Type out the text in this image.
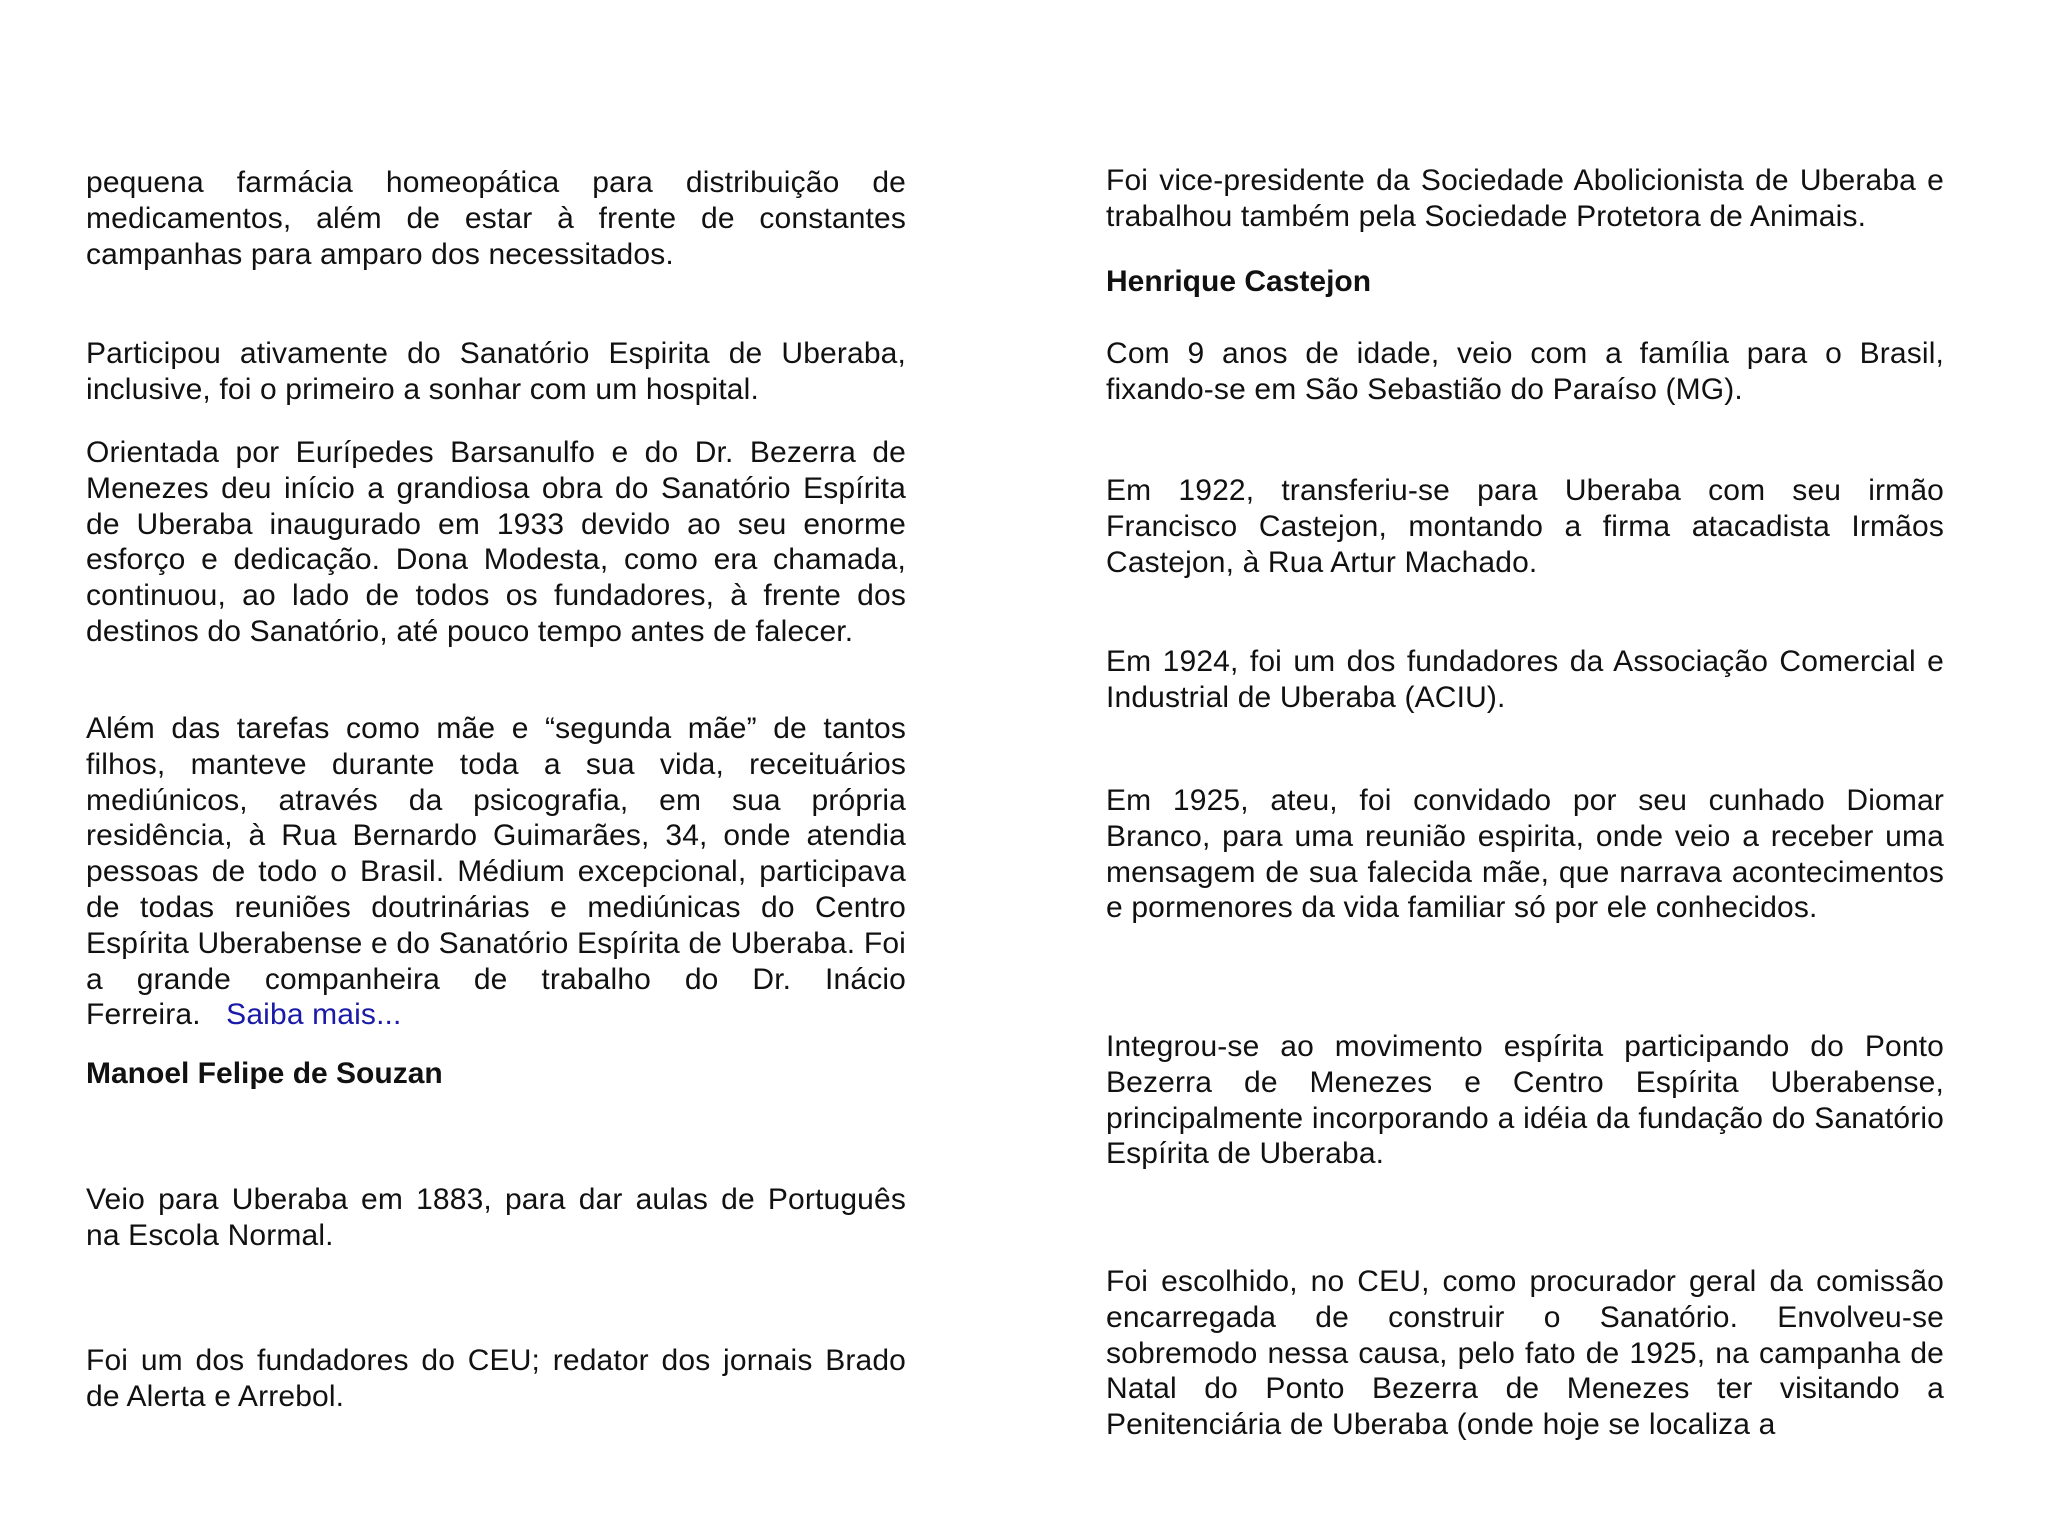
pequena farmácia homeopática para distribuição de medicamentos, além de estar à frente de constantes campanhas para amparo dos necessitados.

Participou ativamente do Sanatório Espirita de Uberaba, inclusive, foi o primeiro a sonhar com um hospital.

Orientada por Eurípedes Barsanulfo e do Dr. Bezerra de Menezes deu início a grandiosa obra do Sanatório Espírita de Uberaba inaugurado em 1933 devido ao seu enorme esforço e dedicação. Dona Modesta, como era chamada, continuou, ao lado de todos os fundadores, à frente dos destinos do Sanatório, até pouco tempo antes de falecer.

Além das tarefas como mãe e “segunda mãe” de tantos filhos, manteve durante toda a sua vida, receituários mediúnicos, através da psicografia, em sua própria residência, à Rua Bernardo Guimarães, 34, onde atendia pessoas de todo o Brasil. Médium excepcional, participava de todas reuniões doutrinárias e mediúnicas do Centro Espírita Uberabense e do Sanatório Espírita de Uberaba. Foi a grande companheira de trabalho do Dr. Inácio Ferreira. Saiba mais...

Manoel Felipe de Souzan

Veio para Uberaba em 1883, para dar aulas de Português na Escola Normal.

Foi um dos fundadores do CEU; redator dos jornais Brado de Alerta e Arrebol.

Foi vice-presidente da Sociedade Abolicionista de Uberaba e trabalhou também pela Sociedade Protetora de Animais.

Henrique Castejon

Com 9 anos de idade, veio com a família para o Brasil, fixando-se em São Sebastião do Paraíso (MG).

Em 1922, transferiu-se para Uberaba com seu irmão Francisco Castejon, montando a firma atacadista Irmãos Castejon, à Rua Artur Machado.

Em 1924, foi um dos fundadores da Associação Comercial e Industrial de Uberaba (ACIU).

Em 1925, ateu, foi convidado por seu cunhado Diomar Branco, para uma reunião espirita, onde veio a receber uma mensagem de sua falecida mãe, que narrava acontecimentos e pormenores da vida familiar só por ele conhecidos.

Integrou-se ao movimento espírita participando do Ponto Bezerra de Menezes e Centro Espírita Uberabense, principalmente incorporando a idéia da fundação do Sanatório Espírita de Uberaba.

Foi escolhido, no CEU, como procurador geral da comissão encarregada de construir o Sanatório. Envolveu-se sobremodo nessa causa, pelo fato de 1925, na campanha de Natal do Ponto Bezerra de Menezes ter visitando a Penitenciária de Uberaba (onde hoje se localiza a
